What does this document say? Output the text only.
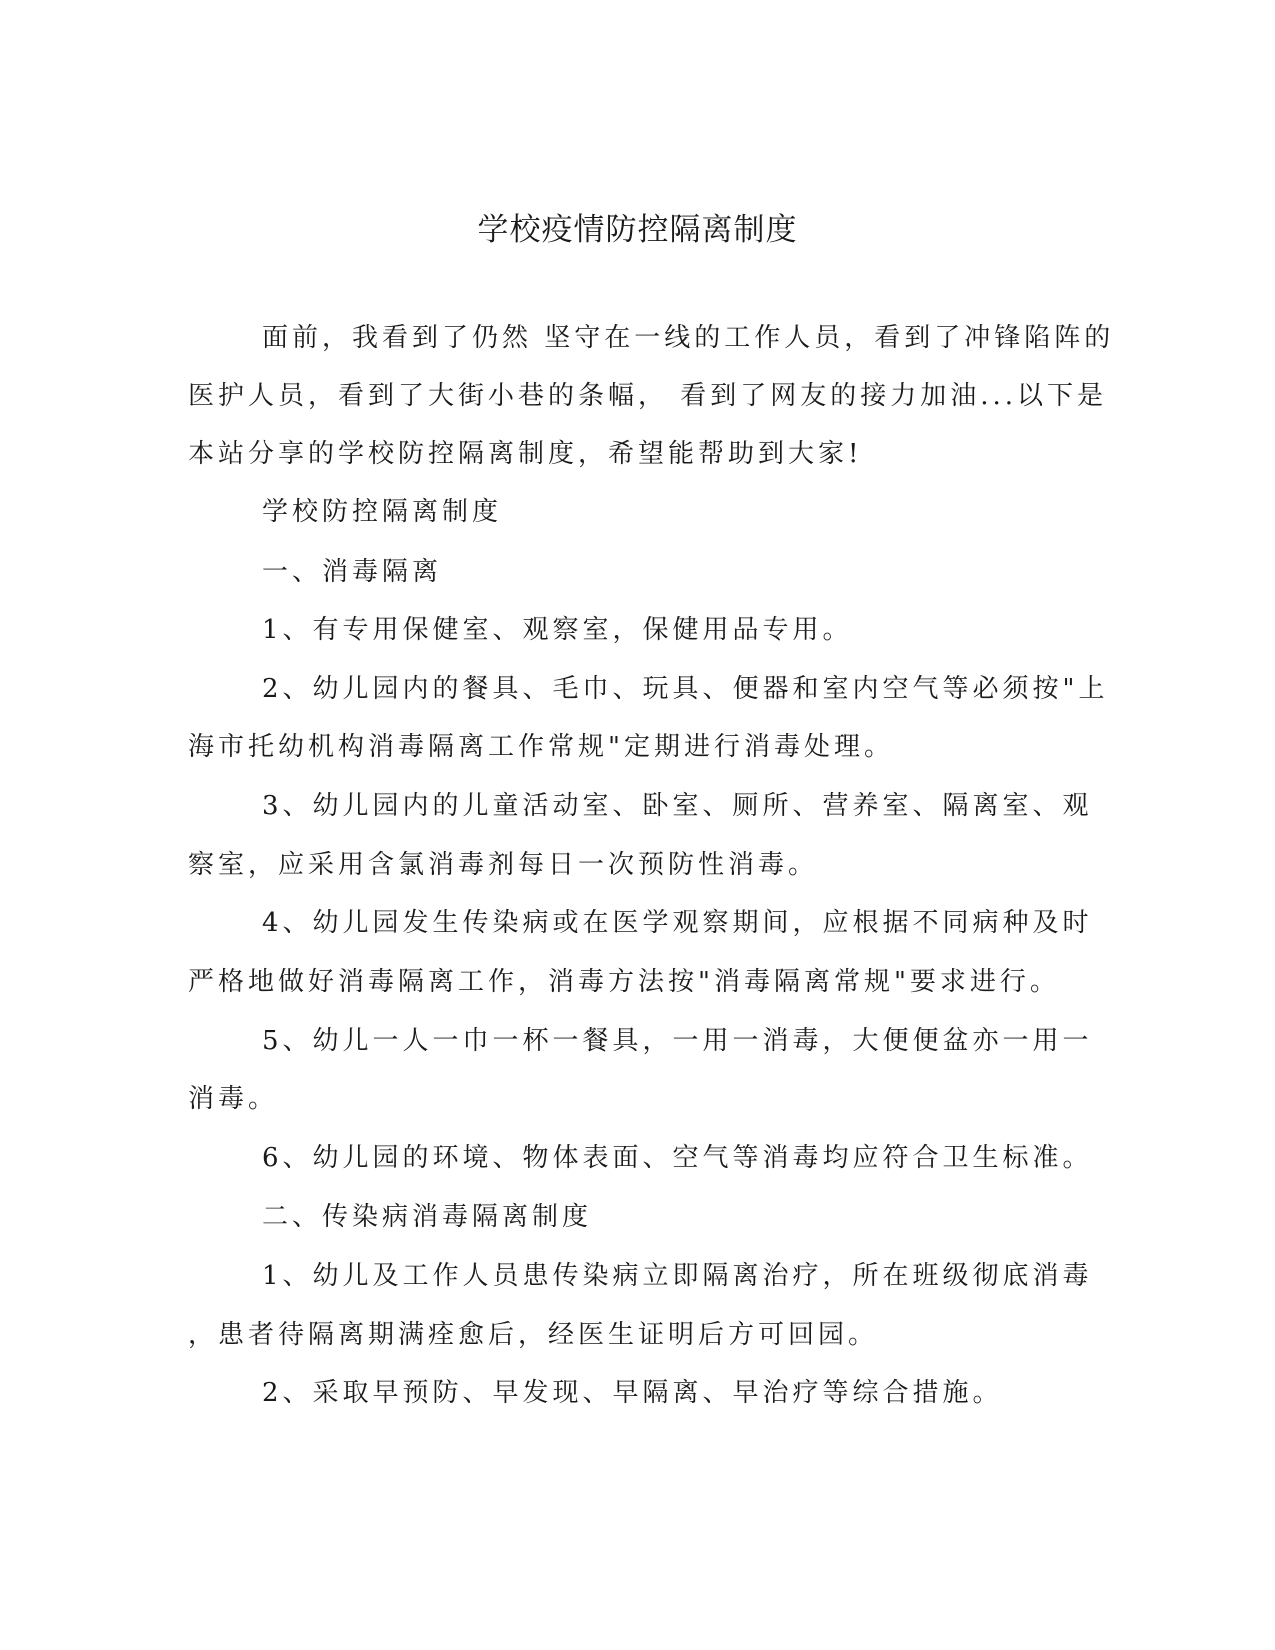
学校疫情防控隔离制度

面前，我看到了仍然 坚守在一线的工作人员，看到了冲锋陷阵的

医护人员，看到了大街小巷的条幅， 看到了网友的接力加油...以下是

本站分享的学校防控隔离制度，希望能帮助到大家!

学校防控隔离制度

一、消毒隔离

1、有专用保健室、观察室，保健用品专用。

2、幼儿园内的餐具、毛巾、玩具、便器和室内空气等必须按"上

海市托幼机构消毒隔离工作常规"定期进行消毒处理。

3、幼儿园内的儿童活动室、卧室、厕所、营养室、隔离室、观

察室，应采用含氯消毒剂每日一次预防性消毒。

4、幼儿园发生传染病或在医学观察期间，应根据不同病种及时

严格地做好消毒隔离工作，消毒方法按"消毒隔离常规"要求进行。

5、幼儿一人一巾一杯一餐具，一用一消毒，大便便盆亦一用一

消毒。

6、幼儿园的环境、物体表面、空气等消毒均应符合卫生标准。

二、传染病消毒隔离制度

1、幼儿及工作人员患传染病立即隔离治疗，所在班级彻底消毒

，患者待隔离期满痊愈后，经医生证明后方可回园。

2、采取早预防、早发现、早隔离、早治疗等综合措施。
